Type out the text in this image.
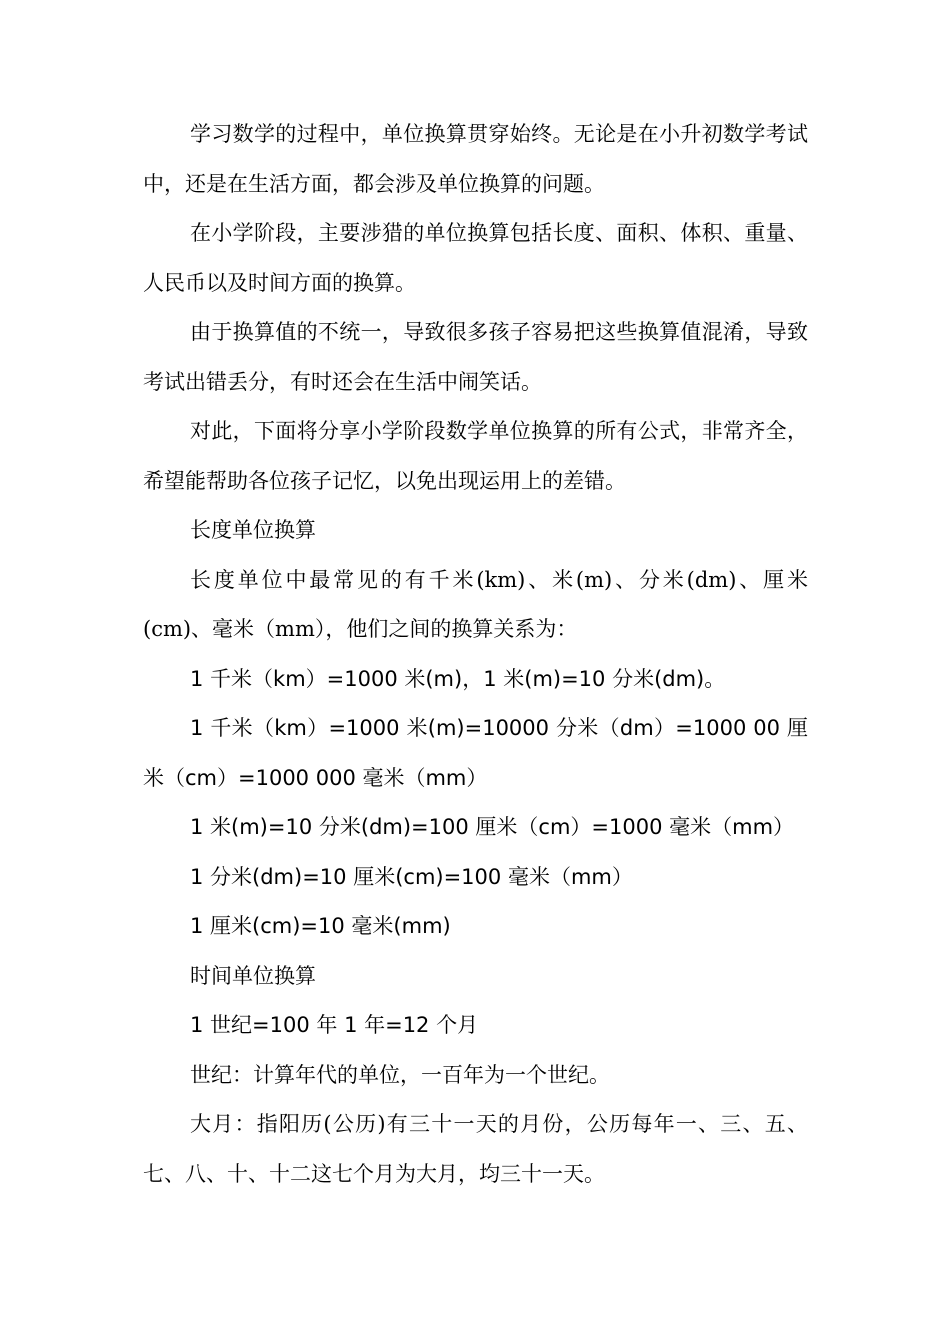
学习数学的过程中，单位换算贯穿始终。无论是在小升初数学考试中，还是在生活方面，都会涉及单位换算的问题。

在小学阶段，主要涉猎的单位换算包括长度、面积、体积、重量、人民币以及时间方面的换算。

由于换算值的不统一，导致很多孩子容易把这些换算值混淆，导致考试出错丢分，有时还会在生活中闹笑话。

对此，下面将分享小学阶段数学单位换算的所有公式，非常齐全，希望能帮助各位孩子记忆，以免出现运用上的差错。

长度单位换算

长度单位中最常见的有千米(km)、米(m)、分米(dm)、厘米(cm)、毫米（mm），他们之间的换算关系为：

1 千米（km）=1000 米(m)，1 米(m)=10 分米(dm)。

1 千米（km）=1000 米(m)=10000 分米（dm）=1000 00 厘米（cm）=1000 000 毫米（mm）

1 米(m)=10 分米(dm)=100 厘米（cm）=1000 毫米（mm）

1 分米(dm)=10 厘米(cm)=100 毫米（mm）

1 厘米(cm)=10 毫米(mm)

时间单位换算

1 世纪=100 年 1 年=12 个月

世纪：计算年代的单位，一百年为一个世纪。

大月：指阳历(公历)有三十一天的月份，公历每年一、三、五、七、八、十、十二这七个月为大月，均三十一天。
